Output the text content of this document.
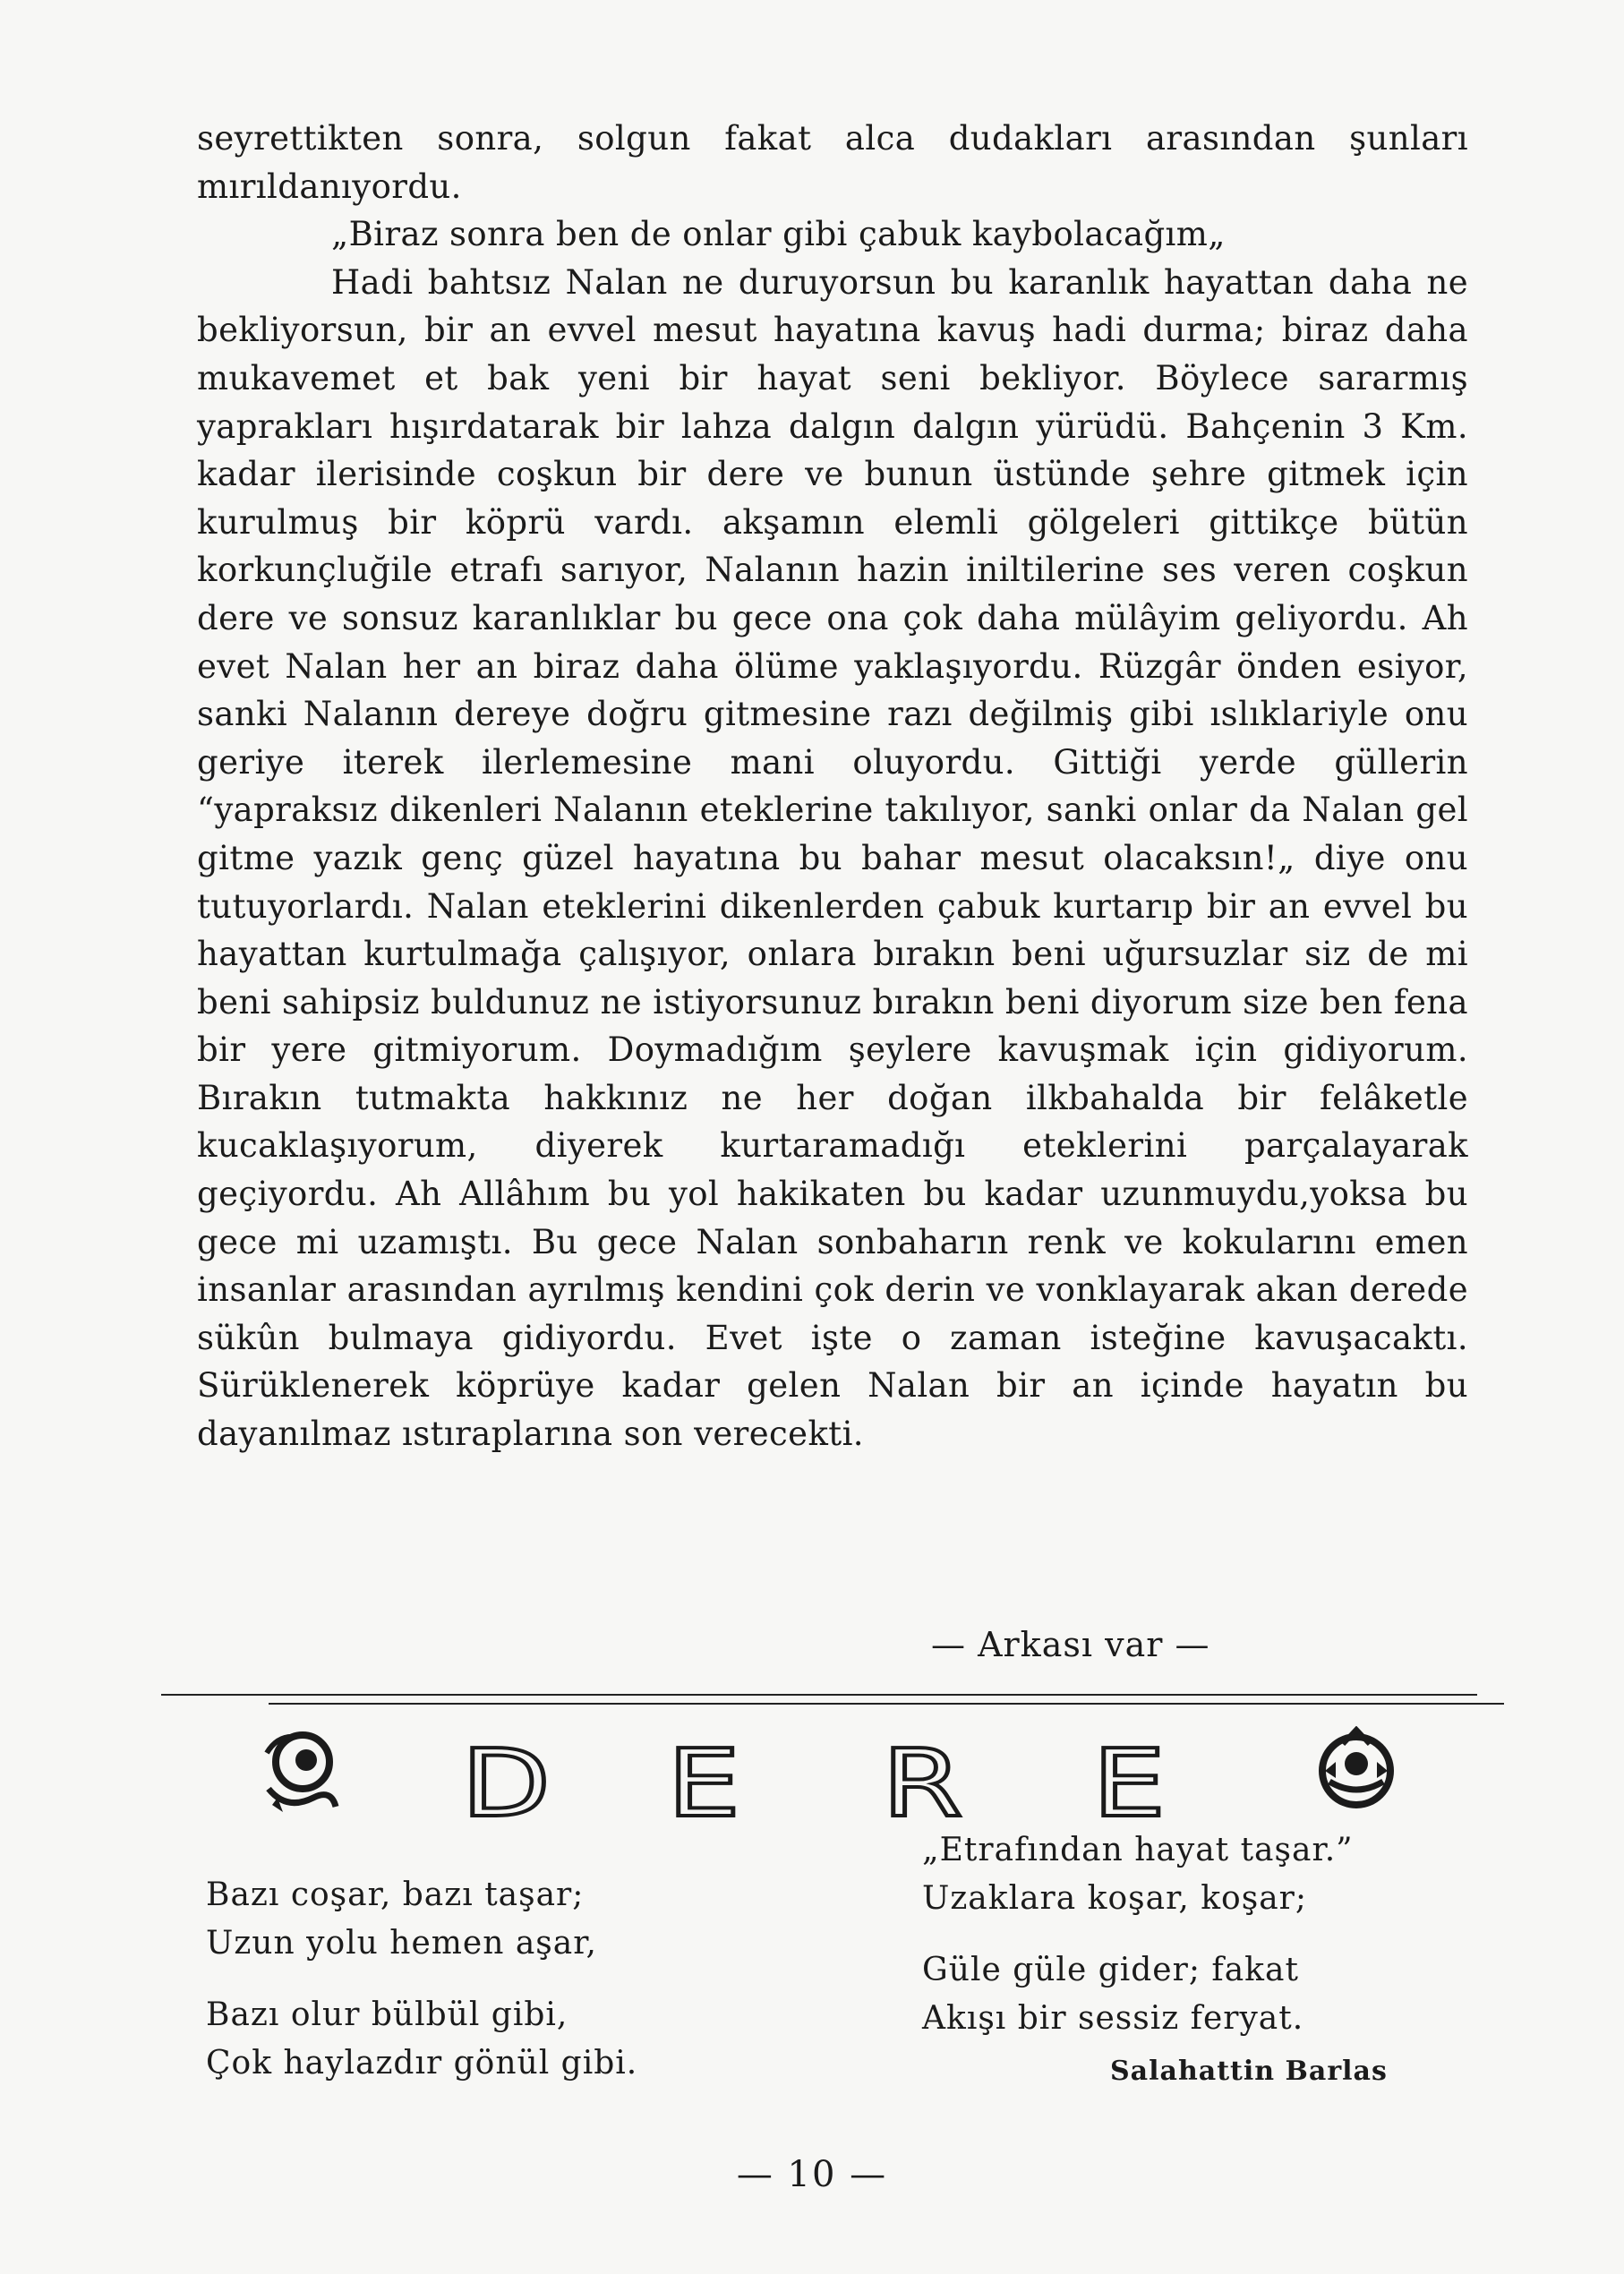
seyrettikten sonra, solgun fakat alca dudakları arasından şunları mırıldanıyordu.

„Biraz sonra ben de onlar gibi çabuk kaybolacağım„

Hadi bahtsız Nalan ne duruyorsun bu karanlık hayattan daha ne bekliyorsun, bir an evvel mesut hayatına kavuş hadi durma; biraz daha mukavemet et bak yeni bir hayat seni bekliyor. Böylece sararmış yaprakları hışırdatarak bir lahza dalgın dalgın yürüdü. Bahçenin 3 Km. kadar ilerisinde coşkun bir dere ve bunun üstünde şehre gitmek için kurulmuş bir köprü vardı. akşamın elemli gölgeleri gittikçe bütün korkunçluğile etrafı sarıyor, Nalanın hazin iniltilerine ses veren coşkun dere ve sonsuz karanlıklar bu gece ona çok daha mülâyim geliyordu. Ah evet Nalan her an biraz daha ölüme yaklaşıyordu. Rüzgâr önden esiyor, sanki Nalanın dereye doğru gitmesine razı değilmiş gibi ıslıklariyle onu geriye iterek ilerlemesine mani oluyordu. Gittiği yerde güllerin “yapraksız dikenleri Nalanın eteklerine takılıyor, sanki onlar da Nalan gel gitme yazık genç güzel hayatına bu bahar mesut olacaksın!„ diye onu tutuyorlardı. Nalan eteklerini dikenlerden çabuk kurtarıp bir an evvel bu hayattan kurtulmağa çalışıyor, onlara bırakın beni uğursuzlar siz de mi beni sahipsiz buldunuz ne istiyorsunuz bırakın beni diyorum size ben fena bir yere gitmiyorum. Doymadığım şeylere kavuşmak için gidiyorum. Bırakın tutmakta hakkınız ne her doğan ilkbahalda bir felâketle kucaklaşıyorum, diyerek kurtaramadığı eteklerini parçalayarak geçiyordu. Ah Allâhım bu yol hakikaten bu kadar uzunmuydu,yoksa bu gece mi uzamıştı. Bu gece Nalan sonbaharın renk ve kokularını emen insanlar arasından ayrılmış kendini çok derin ve vonklayarak akan derede sükûn bulmaya gidiyordu. Evet işte o zaman isteğine kavuşacaktı. Sürüklenerek köprüye kadar gelen Nalan bir an içinde hayatın bu dayanılmaz ıstıraplarına son verecekti.

— Arkası var —
D E R E
Bazı coşar, bazı taşar;
Uzun yolu hemen aşar,
Bazı olur bülbül gibi,
Çok haylazdır gönül gibi.
„Etrafından hayat taşar.”
Uzaklara koşar, koşar;
Güle güle gider; fakat
Akışı bir sessiz feryat.
Salahattin Barlas
— 10 —
